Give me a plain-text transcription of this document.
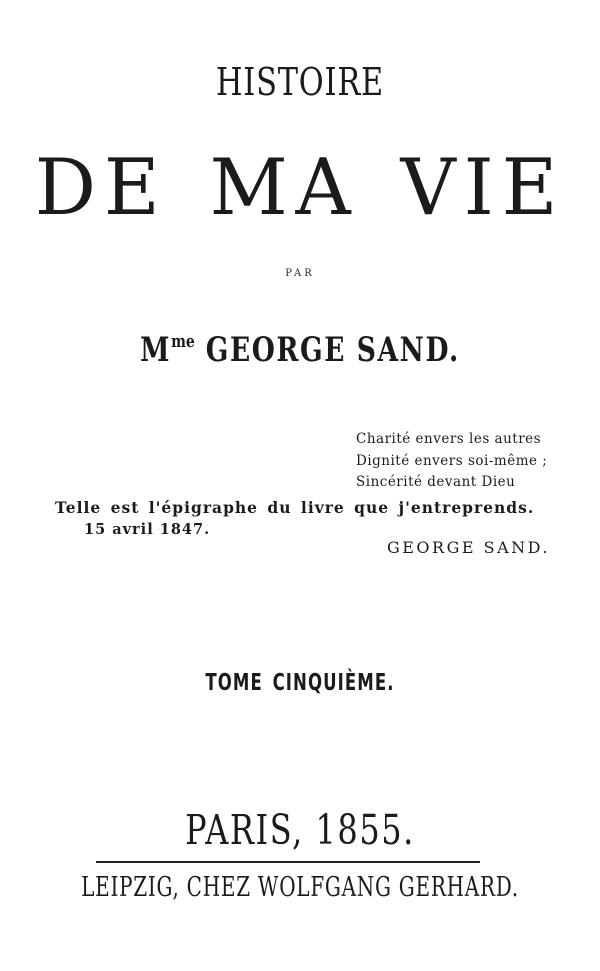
HISTOIRE
DE MA VIE
PAR
$M^{me}$ GEORGE SAND.
Charité envers les autres
Dignité envers soi-même ;
Sincérité devant Dieu
Telle est l'épigraphe du livre que j'entreprends.
15 avril 1847.
GEORGE SAND.
TOME CINQUIÈME.
PARIS, 1855.
LEIPZIG, CHEZ WOLFGANG GERHARD.
